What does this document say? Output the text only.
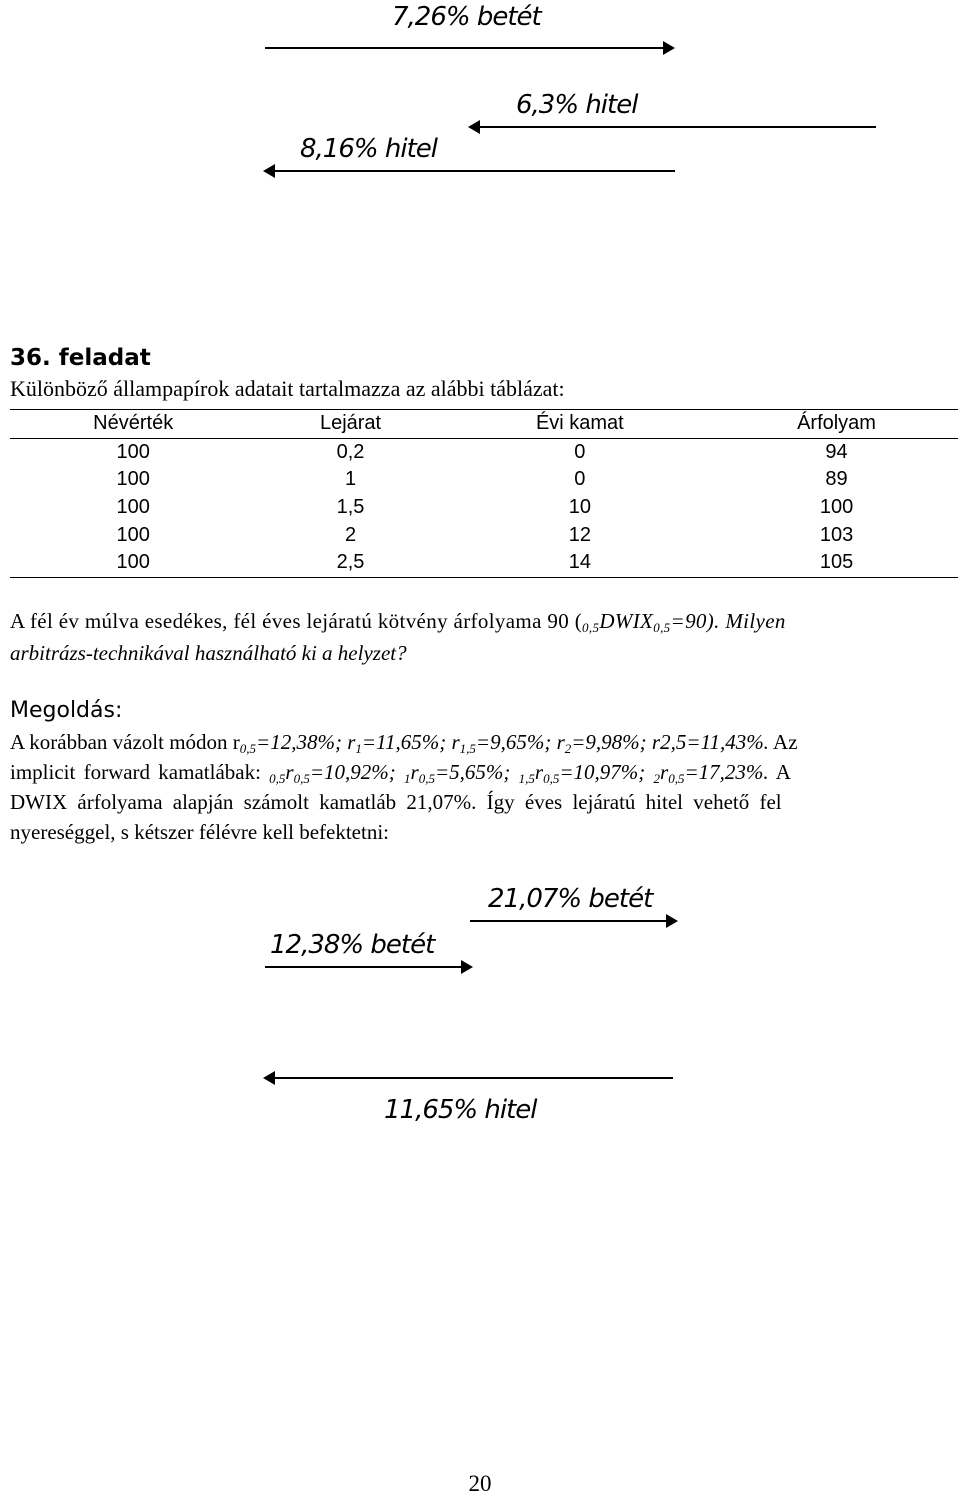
7,26% betét
6,3% hitel
8,16% hitel
36. feladat
Különböző állampapírok adatait tartalmazza az alábbi táblázat:
Névérték	Lejárat	Évi kamat	Árfolyam
100	0,2	0	94
100	1	0	89
100	1,5	10	100
100	2	12	103
100	2,5	14	105
A fél év múlva esedékes, fél éves lejáratú kötvény árfolyama 90 $(_{0,5}DWIX_{0,5}=90)$. Milyen
arbitrázs-technikával használható ki a helyzet?
Megoldás:
A korábban vázolt módon $r_{0,5}=12,38\%$; $r_1=11,65\%$; $r_{1,5}=9,65\%$; $r_2=9,98\%$; r2,5=11,43%. Az
implicit forward kamatlábak: $_{0,5}r_{0,5}=10,92\%$; $_1r_{0,5}=5,65\%$; $_{1,5}r_{0,5}=10,97\%$; $_2r_{0,5}=17,23\%$. A
DWIX árfolyama alapján számolt kamatláb 21,07%. Így éves lejáratú hitel vehető fel
nyereséggel, s kétszer félévre kell befektetni:
21,07% betét
12,38% betét
11,65% hitel
20
